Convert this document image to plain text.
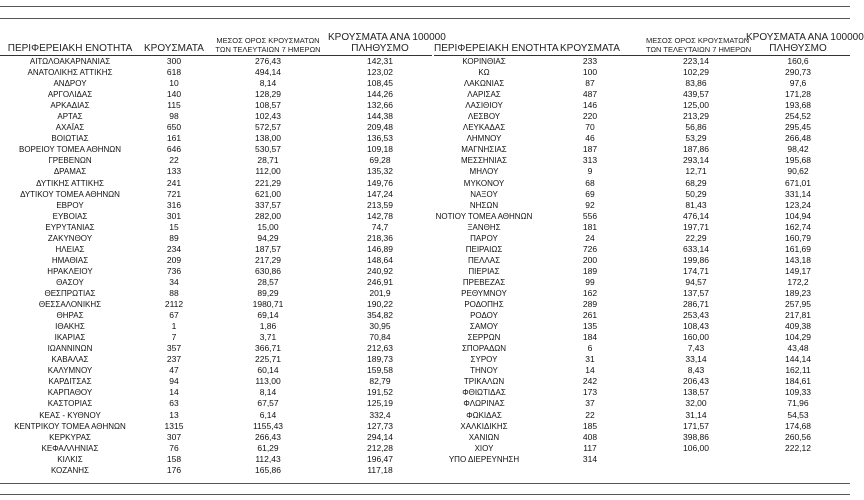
ΠΕΡΙΦΕΡΕΙΑΚΗ ΕΝΟΤΗΤΑ	ΚΡΟΥΣΜΑΤΑ	ΜΕΣΟΣ ΟΡΟΣ ΚΡΟΥΣΜΑΤΩΝ
ΤΩΝ ΤΕΛΕΥΤΑΙΩΝ 7 ΗΜΕΡΩΝ	ΚΡΟΥΣΜΑΤΑ ΑΝΑ 100000
ΠΛΗΘΥΣΜΟ
ΑΙΤΩΛΟΑΚΑΡΝΑΝΙΑΣ	300	276,43	142,31
ΑΝΑΤΟΛΙΚΗΣ ΑΤΤΙΚΗΣ	618	494,14	123,02
ΑΝΔΡΟΥ	10	8,14	108,45
ΑΡΓΟΛΙΔΑΣ	140	128,29	144,26
ΑΡΚΑΔΙΑΣ	115	108,57	132,66
ΑΡΤΑΣ	98	102,43	144,38
ΑΧΑΪΑΣ	650	572,57	209,48
ΒΟΙΩΤΙΑΣ	161	138,00	136,53
ΒΟΡΕΙΟΥ ΤΟΜΕΑ ΑΘΗΝΩΝ	646	530,57	109,18
ΓΡΕΒΕΝΩΝ	22	28,71	69,28
ΔΡΑΜΑΣ	133	112,00	135,32
ΔΥΤΙΚΗΣ ΑΤΤΙΚΗΣ	241	221,29	149,76
ΔΥΤΙΚΟΥ ΤΟΜΕΑ ΑΘΗΝΩΝ	721	621,00	147,24
ΕΒΡΟΥ	316	337,57	213,59
ΕΥΒΟΙΑΣ	301	282,00	142,78
ΕΥΡΥΤΑΝΙΑΣ	15	15,00	74,7
ΖΑΚΥΝΘΟΥ	89	94,29	218,36
ΗΛΕΙΑΣ	234	187,57	146,89
ΗΜΑΘΙΑΣ	209	217,29	148,64
ΗΡΑΚΛΕΙΟΥ	736	630,86	240,92
ΘΑΣΟΥ	34	28,57	246,91
ΘΕΣΠΡΩΤΙΑΣ	88	89,29	201,9
ΘΕΣΣΑΛΟΝΙΚΗΣ	2112	1980,71	190,22
ΘΗΡΑΣ	67	69,14	354,82
ΙΘΑΚΗΣ	1	1,86	30,95
ΙΚΑΡΙΑΣ	7	3,71	70,84
ΙΩΑΝΝΙΝΩΝ	357	366,71	212,63
ΚΑΒΑΛΑΣ	237	225,71	189,73
ΚΑΛΥΜΝΟΥ	47	60,14	159,58
ΚΑΡΔΙΤΣΑΣ	94	113,00	82,79
ΚΑΡΠΑΘΟΥ	14	8,14	191,52
ΚΑΣΤΟΡΙΑΣ	63	67,57	125,19
ΚΕΑΣ - ΚΥΘΝΟΥ	13	6,14	332,4
ΚΕΝΤΡΙΚΟΥ ΤΟΜΕΑ ΑΘΗΝΩΝ	1315	1155,43	127,73
ΚΕΡΚΥΡΑΣ	307	266,43	294,14
ΚΕΦΑΛΛΗΝΙΑΣ	76	61,29	212,28
ΚΙΛΚΙΣ	158	112,43	196,47
ΚΟΖΑΝΗΣ	176	165,86	117,18
ΠΕΡΙΦΕΡΕΙΑΚΗ ΕΝΟΤΗΤΑ	ΚΡΟΥΣΜΑΤΑ	ΜΕΣΟΣ ΟΡΟΣ ΚΡΟΥΣΜΑΤΩΝ
ΤΩΝ ΤΕΛΕΥΤΑΙΩΝ 7 ΗΜΕΡΩΝ	ΚΡΟΥΣΜΑΤΑ ΑΝΑ 100000
ΠΛΗΘΥΣΜΟ
ΚΟΡΙΝΘΙΑΣ	233	223,14	160,6
ΚΩ	100	102,29	290,73
ΛΑΚΩΝΙΑΣ	87	83,86	97,6
ΛΑΡΙΣΑΣ	487	439,57	171,28
ΛΑΣΙΘΙΟΥ	146	125,00	193,68
ΛΕΣΒΟΥ	220	213,29	254,52
ΛΕΥΚΑΔΑΣ	70	56,86	295,45
ΛΗΜΝΟΥ	46	53,29	266,48
ΜΑΓΝΗΣΙΑΣ	187	187,86	98,42
ΜΕΣΣΗΝΙΑΣ	313	293,14	195,68
ΜΗΛΟΥ	9	12,71	90,62
ΜΥΚΟΝΟΥ	68	68,29	671,01
ΝΑΞΟΥ	69	50,29	331,14
ΝΗΣΩΝ	92	81,43	123,24
ΝΟΤΙΟΥ ΤΟΜΕΑ ΑΘΗΝΩΝ	556	476,14	104,94
ΞΑΝΘΗΣ	181	197,71	162,74
ΠΑΡΟΥ	24	22,29	160,79
ΠΕΙΡΑΙΩΣ	726	633,14	161,69
ΠΕΛΛΑΣ	200	199,86	143,18
ΠΙΕΡΙΑΣ	189	174,71	149,17
ΠΡΕΒΕΖΑΣ	99	94,57	172,2
ΡΕΘΥΜΝΟΥ	162	137,57	189,23
ΡΟΔΟΠΗΣ	289	286,71	257,95
ΡΟΔΟΥ	261	253,43	217,81
ΣΑΜΟΥ	135	108,43	409,38
ΣΕΡΡΩΝ	184	160,00	104,29
ΣΠΟΡΑΔΩΝ	6	7,43	43,48
ΣΥΡΟΥ	31	33,14	144,14
ΤΗΝΟΥ	14	8,43	162,11
ΤΡΙΚΑΛΩΝ	242	206,43	184,61
ΦΘΙΩΤΙΔΑΣ	173	138,57	109,33
ΦΛΩΡΙΝΑΣ	37	32,00	71,96
ΦΩΚΙΔΑΣ	22	31,14	54,53
ΧΑΛΚΙΔΙΚΗΣ	185	171,57	174,68
ΧΑΝΙΩΝ	408	398,86	260,56
ΧΙΟΥ	117	106,00	222,12
ΥΠΟ ΔΙΕΡΕΥΝΗΣΗ	314		
